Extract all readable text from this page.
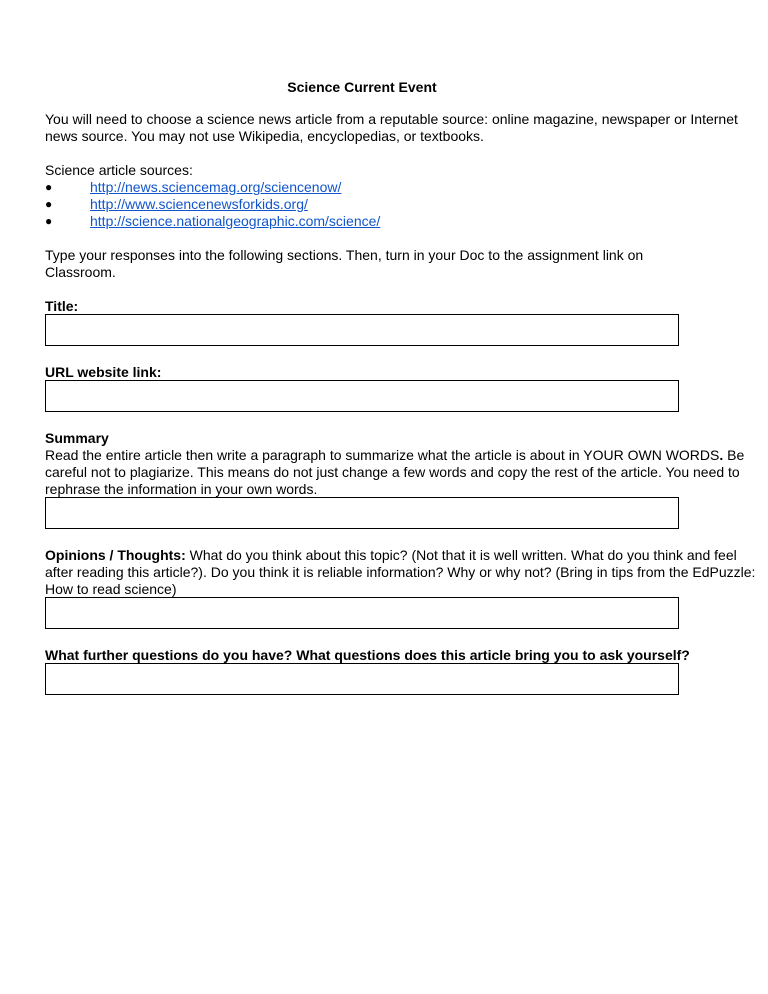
Science Current Event

You will need to choose a science news article from a reputable source: online magazine, newspaper or Internet news source. You may not use Wikipedia, encyclopedias, or textbooks.

Science article sources:

●	http://news.sciencemag.org/sciencenow/
●	http://www.sciencenewsforkids.org/
●	http://science.nationalgeographic.com/science/

Type your responses into the following sections. Then, turn in your Doc to the assignment link on Classroom.

Title:

URL website link:

Summary

Read the entire article then write a paragraph to summarize what the article is about in YOUR OWN WORDS. Be careful not to plagiarize. This means do not just change a few words and copy the rest of the article. You need to rephrase the information in your own words.

Opinions / Thoughts: What do you think about this topic? (Not that it is well written. What do you think and feel after reading this article?). Do you think it is reliable information? Why or why not? (Bring in tips from the EdPuzzle: How to read science)

What further questions do you have? What questions does this article bring you to ask yourself?
